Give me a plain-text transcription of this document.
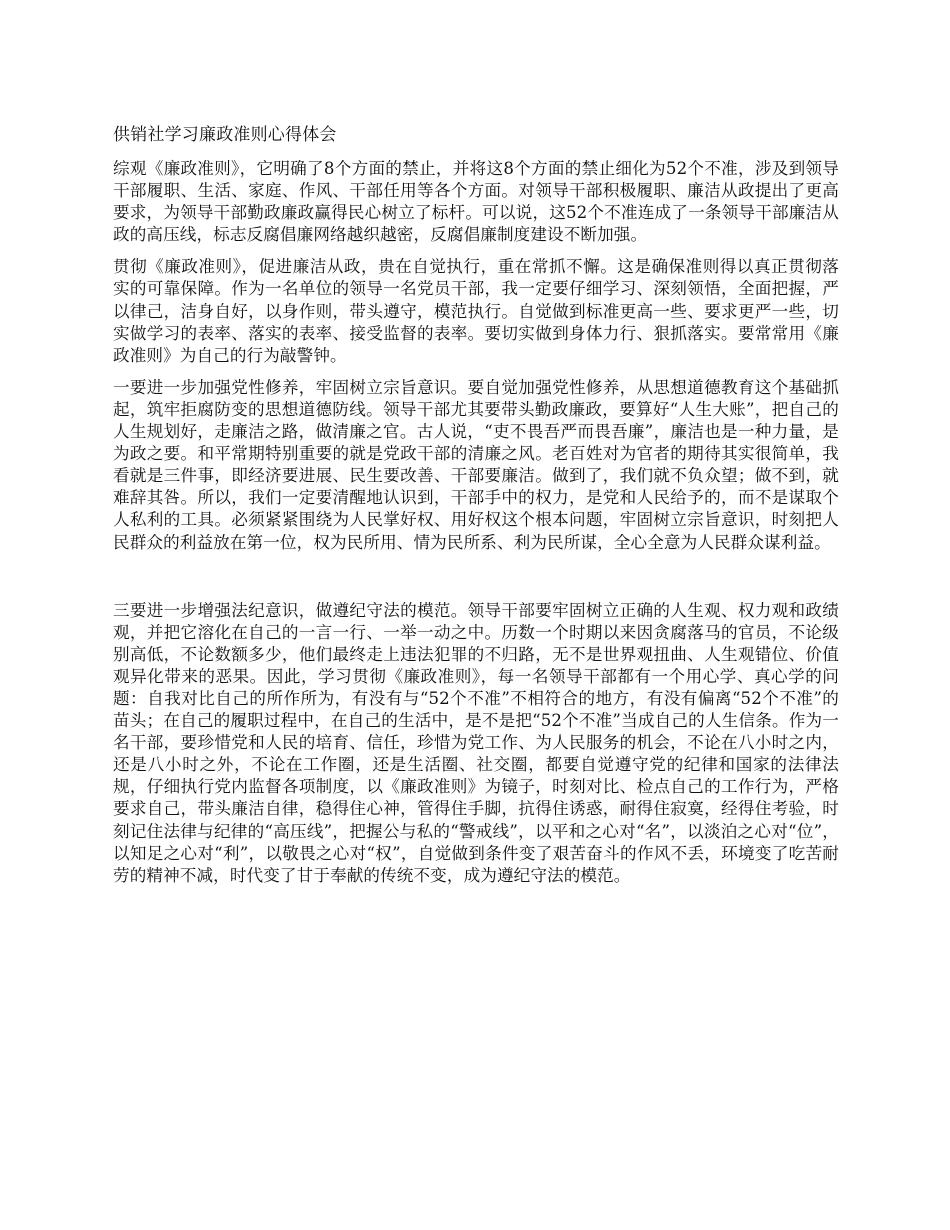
供销社学习廉政准则心得体会

综观《廉政准则》，它明确了8个方面的禁止，并将这8个方面的禁止细化为52个不准，涉及到领导干部履职、生活、家庭、作风、干部任用等各个方面。对领导干部积极履职、廉洁从政提出了更高要求，为领导干部勤政廉政赢得民心树立了标杆。可以说，这52个不准连成了一条领导干部廉洁从政的高压线，标志反腐倡廉网络越织越密，反腐倡廉制度建设不断加强。

贯彻《廉政准则》，促进廉洁从政，贵在自觉执行，重在常抓不懈。这是确保准则得以真正贯彻落实的可靠保障。作为一名单位的领导一名党员干部，我一定要仔细学习、深刻领悟，全面把握，严以律己，洁身自好，以身作则，带头遵守，模范执行。自觉做到标准更高一些、要求更严一些，切实做学习的表率、落实的表率、接受监督的表率。要切实做到身体力行、狠抓落实。要常常用《廉政准则》为自己的行为敲警钟。

一要进一步加强党性修养，牢固树立宗旨意识。要自觉加强党性修养，从思想道德教育这个基础抓起，筑牢拒腐防变的思想道德防线。领导干部尤其要带头勤政廉政，要算好“人生大账”，把自己的人生规划好，走廉洁之路，做清廉之官。古人说，“吏不畏吾严而畏吾廉”，廉洁也是一种力量，是为政之要。和平常期特别重要的就是党政干部的清廉之风。老百姓对为官者的期待其实很简单，我看就是三件事，即经济要进展、民生要改善、干部要廉洁。做到了，我们就不负众望；做不到，就难辞其咎。所以，我们一定要清醒地认识到，干部手中的权力，是党和人民给予的，而不是谋取个人私利的工具。必须紧紧围绕为人民掌好权、用好权这个根本问题，牢固树立宗旨意识，时刻把人民群众的利益放在第一位，权为民所用、情为民所系、利为民所谋，全心全意为人民群众谋利益。

三要进一步增强法纪意识，做遵纪守法的模范。领导干部要牢固树立正确的人生观、权力观和政绩观，并把它溶化在自己的一言一行、一举一动之中。历数一个时期以来因贪腐落马的官员，不论级别高低，不论数额多少，他们最终走上违法犯罪的不归路，无不是世界观扭曲、人生观错位、价值观异化带来的恶果。因此，学习贯彻《廉政准则》，每一名领导干部都有一个用心学、真心学的问题：自我对比自己的所作所为，有没有与“52个不准”不相符合的地方，有没有偏离“52个不准”的苗头；在自己的履职过程中，在自己的生活中，是不是把“52个不准”当成自己的人生信条。作为一名干部，要珍惜党和人民的培育、信任，珍惜为党工作、为人民服务的机会，不论在八小时之内，还是八小时之外，不论在工作圈，还是生活圈、社交圈，都要自觉遵守党的纪律和国家的法律法规，仔细执行党内监督各项制度，以《廉政准则》为镜子，时刻对比、检点自己的工作行为，严格要求自己，带头廉洁自律，稳得住心神，管得住手脚，抗得住诱惑，耐得住寂寞，经得住考验，时刻记住法律与纪律的“高压线”，把握公与私的“警戒线”，以平和之心对“名”，以淡泊之心对“位”，以知足之心对“利”，以敬畏之心对“权”，自觉做到条件变了艰苦奋斗的作风不丢，环境变了吃苦耐劳的精神不减，时代变了甘于奉献的传统不变，成为遵纪守法的模范。
